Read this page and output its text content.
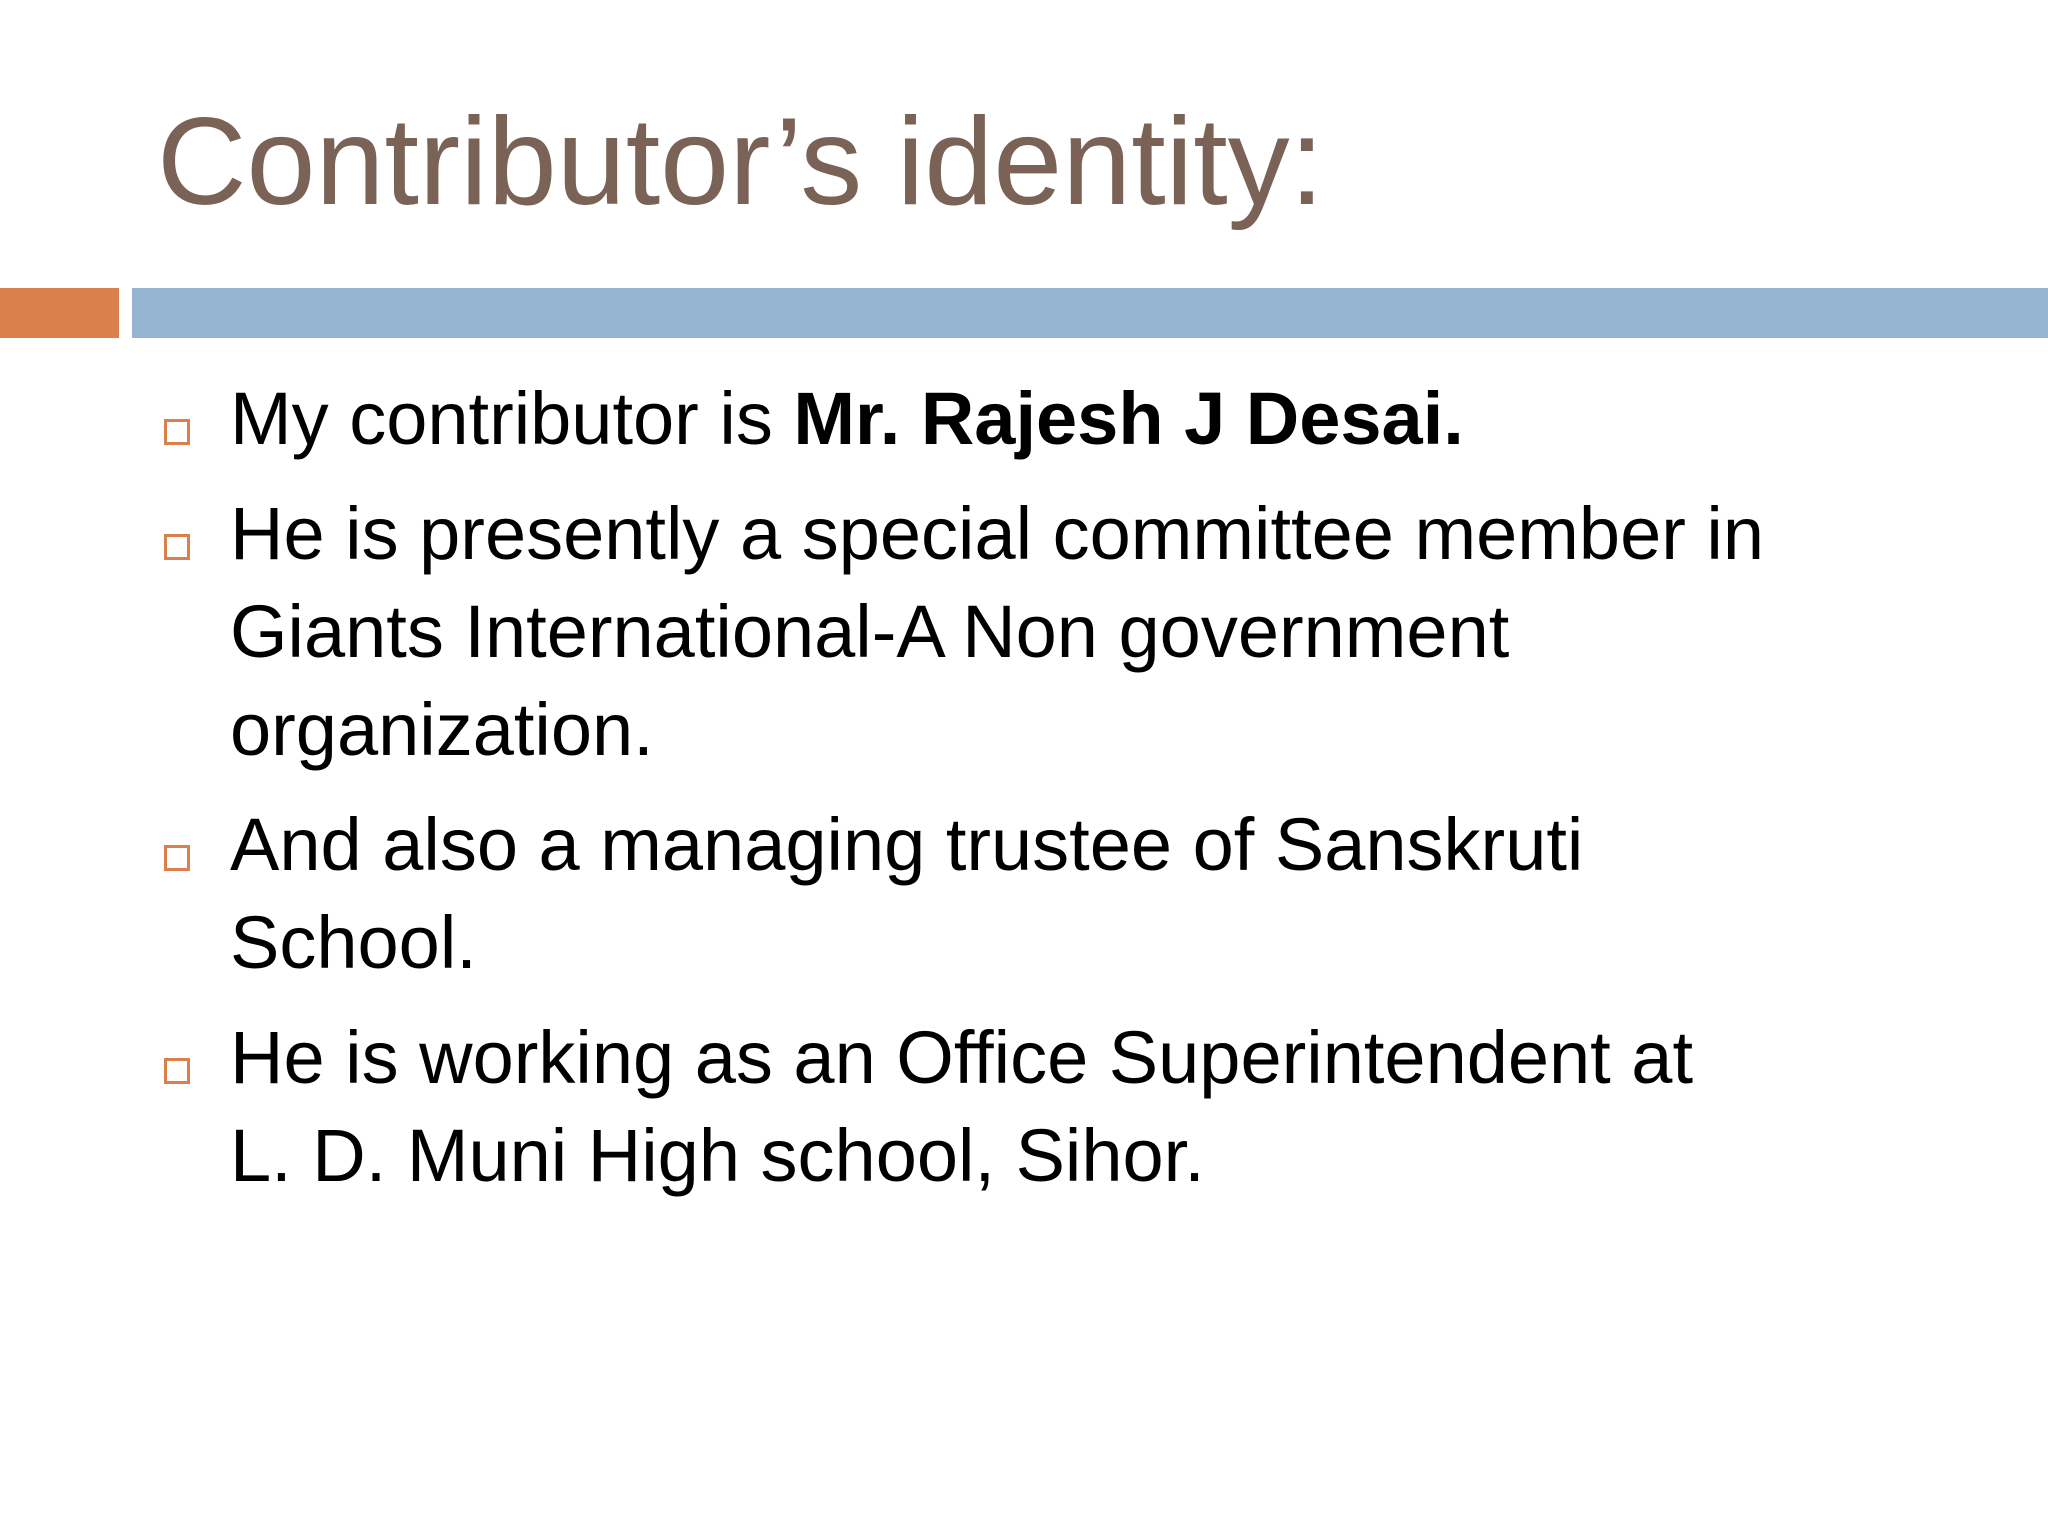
Contributor’s identity:
My contributor is Mr. Rajesh J Desai.
He is presently a special committee member in
Giants International-A Non government
organization.
And also a managing trustee of Sanskruti
School.
He is working as an Office Superintendent at
L. D. Muni High school, Sihor.
